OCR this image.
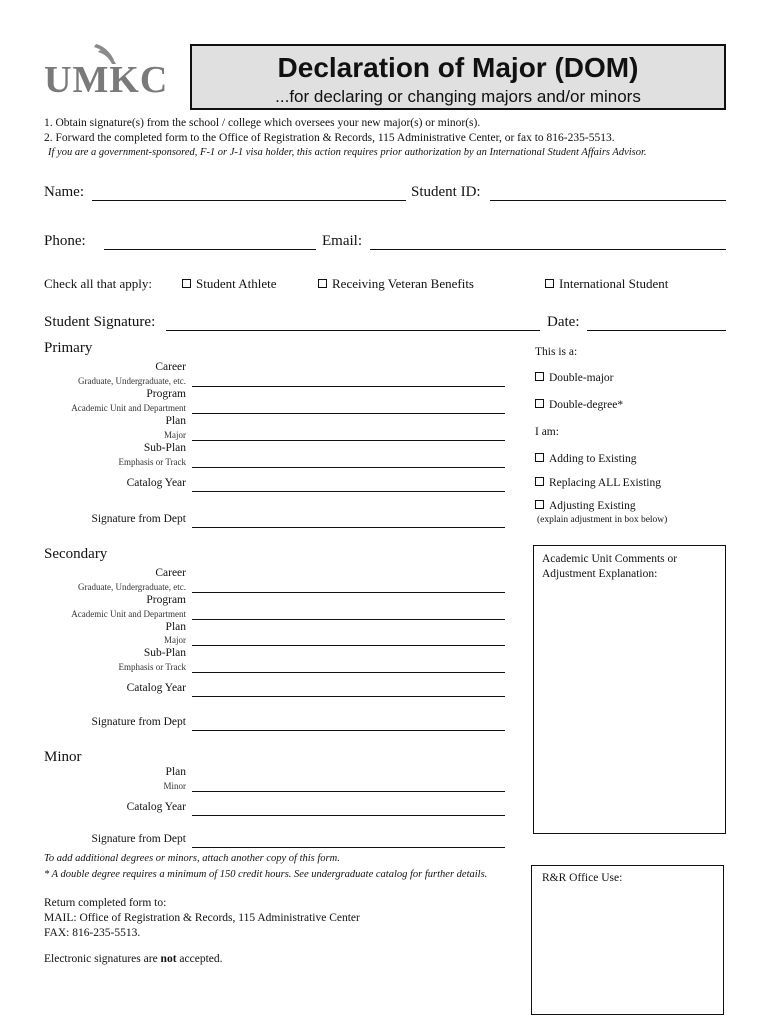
UMKC	Declaration of Major (DOM)
...for declaring or changing majors and/or minors
1. Obtain signature(s) from the school / college which oversees your new major(s) or minor(s).
2. Forward the completed form to the Office of Registration & Records, 115 Administrative Center, or fax to 816-235-5513.
If you are a government-sponsored, F-1 or J-1 visa holder, this action requires prior authorization by an International Student Affairs Advisor.
Name:	Student ID:
Phone:	Email:
Check all that apply:	Student Athlete	Receiving Veteran Benefits	International Student
Student Signature:	Date:
Primary
Career
Graduate, Undergraduate, etc.
Program
Academic Unit and Department
Plan
Major
Sub-Plan
Emphasis or Track
Catalog Year
Signature from Dept
Secondary
Career
Graduate, Undergraduate, etc.
Program
Academic Unit and Department
Plan
Major
Sub-Plan
Emphasis or Track
Catalog Year
Signature from Dept
Minor
Plan
Minor
Catalog Year
Signature from Dept
This is a:
Double-major
Double-degree*
I am:
Adding to Existing
Replacing ALL Existing
Adjusting Existing
(explain adjustment in box below)
Academic Unit Comments or Adjustment Explanation:
R&R Office Use:
To add additional degrees or minors, attach another copy of this form.
* A double degree requires a minimum of 150 credit hours. See undergraduate catalog for further details.
Return completed form to:
MAIL: Office of Registration & Records, 115 Administrative Center
FAX: 816-235-5513.
Electronic signatures are not accepted.
